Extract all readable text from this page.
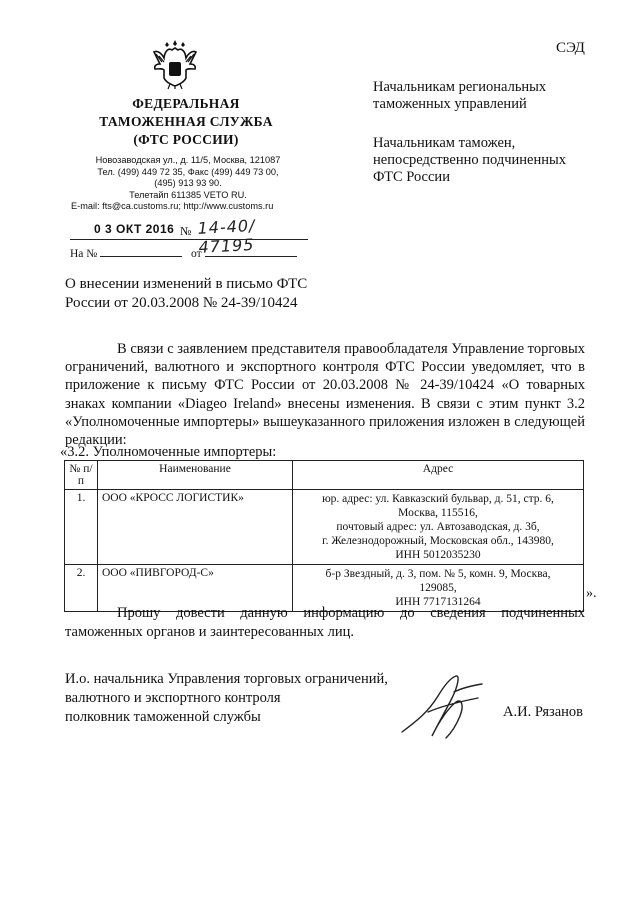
СЭД
ФЕДЕРАЛЬНАЯ
ТАМОЖЕННАЯ СЛУЖБА
(ФТС РОССИИ)
Новозаводская ул., д. 11/5, Москва, 121087
Тел. (499) 449 72 35, Факс (499) 449 73 00,
(495) 913 93 90.
Телетайп 611385 VETO RU.
E-mail: fts@ca.customs.ru; http://www.customs.ru
0 3 ОКТ 2016 № 14-40/ 47195
На №	от
Начальникам региональных таможенных управлений
Начальникам таможен, непосредственно подчиненных ФТС России
О внесении изменений в письмо ФТС
России от 20.03.2008 № 24-39/10424
В связи с заявлением представителя правообладателя Управление торговых ограничений, валютного и экспортного контроля ФТС России уведомляет, что в приложение к письму ФТС России от 20.03.2008 № 24-39/10424 «О товарных знаках компании «Diageo Ireland» внесены изменения. В связи с этим пункт 3.2 «Уполномоченные импортеры» вышеуказанного приложения изложен в следующей редакции:
«3.2. Уполномоченные импортеры:
№ п/п	Наименование	Адрес
1.	ООО «КРОСС ЛОГИСТИК»	юр. адрес: ул. Кавказский бульвар, д. 51, стр. 6,
Москва, 115516,
почтовый адрес: ул. Автозаводская, д. 3б,
г. Железнодорожный, Московская обл., 143980,
ИНН 5012035230

2.	ООО «ПИВГОРОД-С»	б-р Звездный, д. 3, пом. № 5, комн. 9, Москва,
129085,
ИНН 7717131264
».
Прошу довести данную информацию до сведения подчиненных таможенных органов и заинтересованных лиц.
И.о. начальника Управления торговых ограничений,
валютного и экспортного контроля
полковник таможенной службы	А.И. Рязанов
